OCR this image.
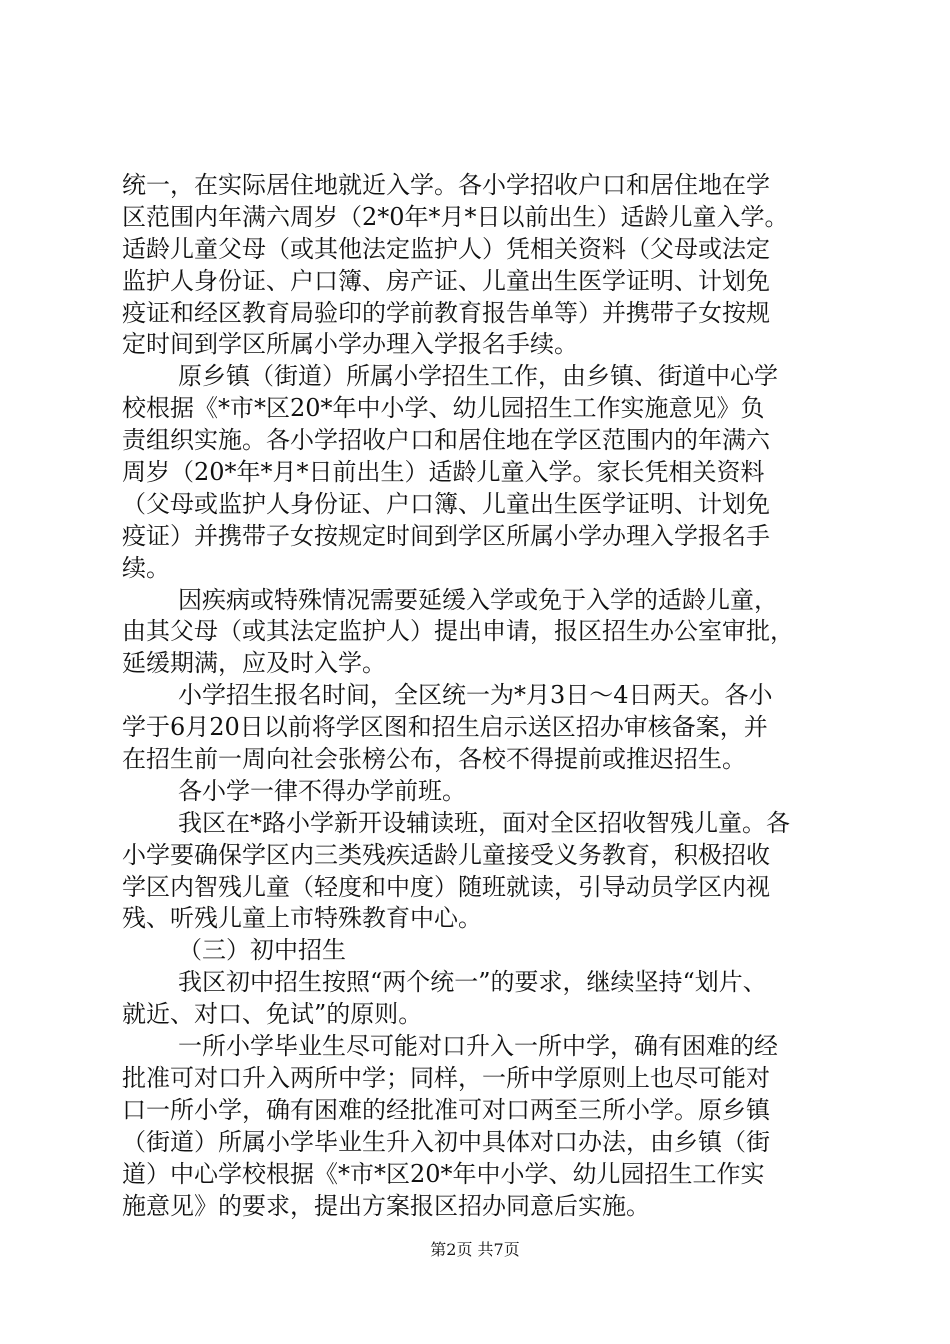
统一，在实际居住地就近入学。各小学招收户口和居住地在学
区范围内年满六周岁（2*0年*月*日以前出生）适龄儿童入学。
适龄儿童父母（或其他法定监护人）凭相关资料（父母或法定
监护人身份证、户口簿、房产证、儿童出生医学证明、计划免
疫证和经区教育局验印的学前教育报告单等）并携带子女按规
定时间到学区所属小学办理入学报名手续。
原乡镇（街道）所属小学招生工作，由乡镇、街道中心学
校根据《*市*区20*年中小学、幼儿园招生工作实施意见》负
责组织实施。各小学招收户口和居住地在学区范围内的年满六
周岁（20*年*月*日前出生）适龄儿童入学。家长凭相关资料
（父母或监护人身份证、户口簿、儿童出生医学证明、计划免
疫证）并携带子女按规定时间到学区所属小学办理入学报名手
续。
因疾病或特殊情况需要延缓入学或免于入学的适龄儿童，
由其父母（或其法定监护人）提出申请，报区招生办公室审批，
延缓期满，应及时入学。
小学招生报名时间，全区统一为*月3日～4日两天。各小
学于6月20日以前将学区图和招生启示送区招办审核备案，并
在招生前一周向社会张榜公布，各校不得提前或推迟招生。
各小学一律不得办学前班。
我区在*路小学新开设辅读班，面对全区招收智残儿童。各
小学要确保学区内三类残疾适龄儿童接受义务教育，积极招收
学区内智残儿童（轻度和中度）随班就读，引导动员学区内视
残、听残儿童上市特殊教育中心。
（三）初中招生
我区初中招生按照“两个统一”的要求，继续坚持“划片、
就近、对口、免试”的原则。
一所小学毕业生尽可能对口升入一所中学，确有困难的经
批准可对口升入两所中学；同样，一所中学原则上也尽可能对
口一所小学，确有困难的经批准可对口两至三所小学。原乡镇
（街道）所属小学毕业生升入初中具体对口办法，由乡镇（街
道）中心学校根据《*市*区20*年中小学、幼儿园招生工作实
施意见》的要求，提出方案报区招办同意后实施。
第2页 共7页
